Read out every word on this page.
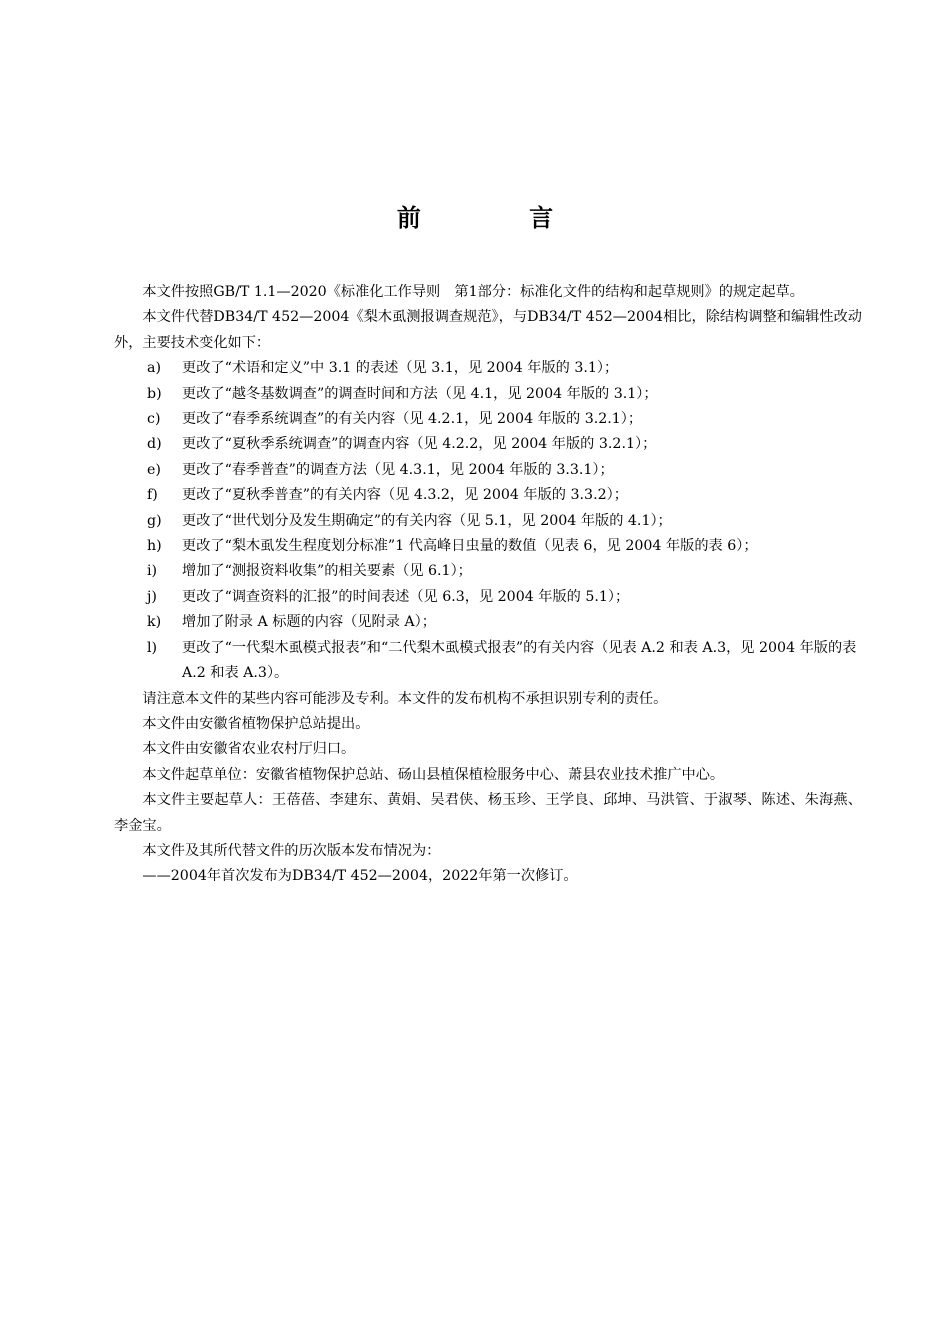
前 言

本文件按照GB/T 1.1—2020《标准化工作导则　第1部分：标准化文件的结构和起草规则》的规定起草。

本文件代替DB34/T 452—2004《梨木虱测报调查规范》，与DB34/T 452—2004相比，除结构调整和编辑性改动外，主要技术变化如下：

a)	更改了“术语和定义”中 3.1 的表述（见 3.1，见 2004 年版的 3.1）；
b)	更改了“越冬基数调查”的调查时间和方法（见 4.1，见 2004 年版的 3.1）；
c)	更改了“春季系统调查”的有关内容（见 4.2.1，见 2004 年版的 3.2.1）；
d)	更改了“夏秋季系统调查”的调查内容（见 4.2.2，见 2004 年版的 3.2.1）；
e)	更改了“春季普查”的调查方法（见 4.3.1，见 2004 年版的 3.3.1）；
f)	更改了“夏秋季普查”的有关内容（见 4.3.2，见 2004 年版的 3.3.2）；
g)	更改了“世代划分及发生期确定”的有关内容（见 5.1，见 2004 年版的 4.1）；
h)	更改了“梨木虱发生程度划分标准”1 代高峰日虫量的数值（见表 6，见 2004 年版的表 6）；
i)	增加了“测报资料收集”的相关要素（见 6.1）；
j)	更改了“调查资料的汇报”的时间表述（见 6.3，见 2004 年版的 5.1）；
k)	增加了附录 A 标题的内容（见附录 A）；
l)	更改了“一代梨木虱模式报表”和“二代梨木虱模式报表”的有关内容（见表 A.2 和表 A.3，见 2004 年版的表 A.2 和表 A.3）。

请注意本文件的某些内容可能涉及专利。本文件的发布机构不承担识别专利的责任。

本文件由安徽省植物保护总站提出。

本文件由安徽省农业农村厅归口。

本文件起草单位：安徽省植物保护总站、砀山县植保植检服务中心、萧县农业技术推广中心。

本文件主要起草人：王蓓蓓、李建东、黄娟、吴君侠、杨玉珍、王学良、邱坤、马洪管、于淑琴、陈述、朱海燕、李金宝。

本文件及其所代替文件的历次版本发布情况为：

——2004年首次发布为DB34/T 452—2004，2022年第一次修订。
